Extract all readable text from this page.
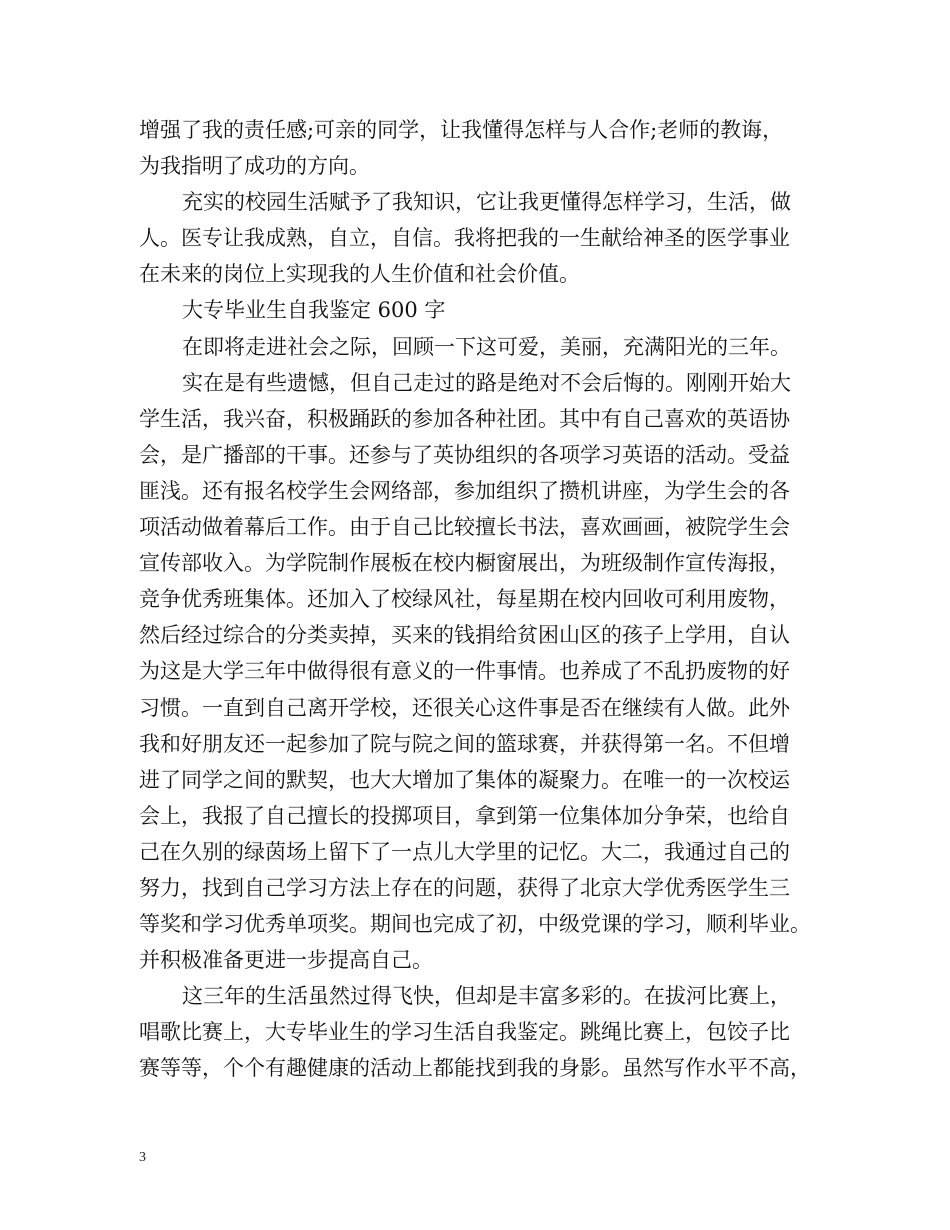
增强了我的责任感;可亲的同学，让我懂得怎样与人合作;老师的教诲，
为我指明了成功的方向。
充实的校园生活赋予了我知识，它让我更懂得怎样学习，生活，做
人。医专让我成熟，自立，自信。我将把我的一生献给神圣的医学事业
在未来的岗位上实现我的人生价值和社会价值。
大专毕业生自我鉴定 600 字
在即将走进社会之际，回顾一下这可爱，美丽，充满阳光的三年。
实在是有些遗憾，但自己走过的路是绝对不会后悔的。刚刚开始大
学生活，我兴奋，积极踊跃的参加各种社团。其中有自己喜欢的英语协
会，是广播部的干事。还参与了英协组织的各项学习英语的活动。受益
匪浅。还有报名校学生会网络部，参加组织了攒机讲座，为学生会的各
项活动做着幕后工作。由于自己比较擅长书法，喜欢画画，被院学生会
宣传部收入。为学院制作展板在校内橱窗展出，为班级制作宣传海报，
竞争优秀班集体。还加入了校绿风社，每星期在校内回收可利用废物，
然后经过综合的分类卖掉，买来的钱捐给贫困山区的孩子上学用，自认
为这是大学三年中做得很有意义的一件事情。也养成了不乱扔废物的好
习惯。一直到自己离开学校，还很关心这件事是否在继续有人做。此外
我和好朋友还一起参加了院与院之间的篮球赛，并获得第一名。不但增
进了同学之间的默契，也大大增加了集体的凝聚力。在唯一的一次校运
会上，我报了自己擅长的投掷项目，拿到第一位集体加分争荣，也给自
己在久别的绿茵场上留下了一点儿大学里的记忆。大二，我通过自己的
努力，找到自己学习方法上存在的问题，获得了北京大学优秀医学生三
等奖和学习优秀单项奖。期间也完成了初，中级党课的学习，顺利毕业。
并积极准备更进一步提高自己。
这三年的生活虽然过得飞快，但却是丰富多彩的。在拔河比赛上，
唱歌比赛上，大专毕业生的学习生活自我鉴定。跳绳比赛上，包饺子比
赛等等，个个有趣健康的活动上都能找到我的身影。虽然写作水平不高，
3
